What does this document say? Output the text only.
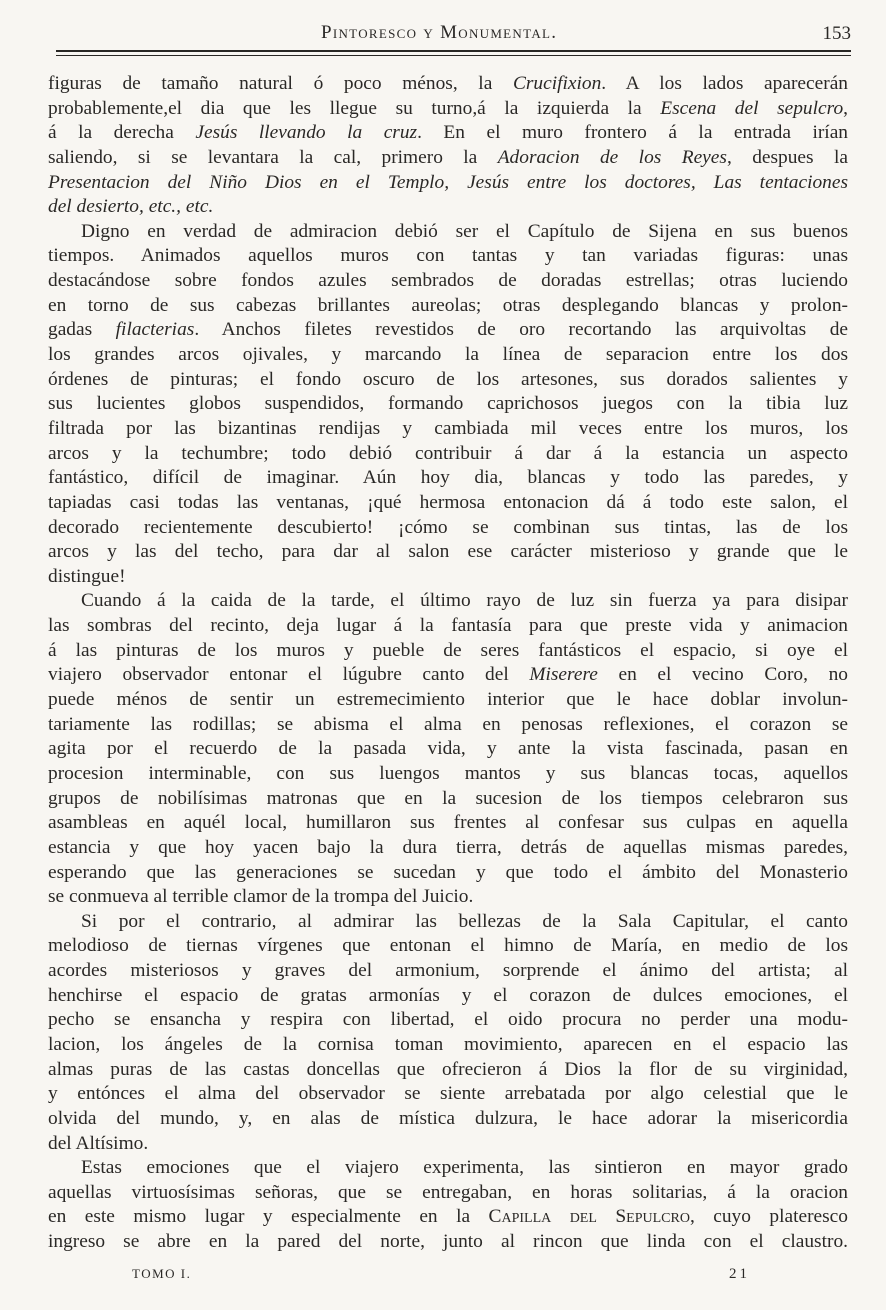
Pintoresco y Monumental.	153
figuras de tamaño natural ó poco ménos, la Crucifixion. A los lados aparecerán
probablemente,el dia que les llegue su turno,á la izquierda la Escena del sepulcro,
á la derecha Jesús llevando la cruz. En el muro frontero á la entrada irían
saliendo, si se levantara la cal, primero la Adoracion de los Reyes, despues la
Presentacion del Niño Dios en el Templo, Jesús entre los doctores, Las tentaciones
del desierto, etc., etc.
Digno en verdad de admiracion debió ser el Capítulo de Sijena en sus buenos
tiempos. Animados aquellos muros con tantas y tan variadas figuras: unas
destacándose sobre fondos azules sembrados de doradas estrellas; otras luciendo
en torno de sus cabezas brillantes aureolas; otras desplegando blancas y prolon-
gadas filacterias. Anchos filetes revestidos de oro recortando las arquivoltas de
los grandes arcos ojivales, y marcando la línea de separacion entre los dos
órdenes de pinturas; el fondo oscuro de los artesones, sus dorados salientes y
sus lucientes globos suspendidos, formando caprichosos juegos con la tibia luz
filtrada por las bizantinas rendijas y cambiada mil veces entre los muros, los
arcos y la techumbre; todo debió contribuir á dar á la estancia un aspecto
fantástico, difícil de imaginar. Aún hoy dia, blancas y todo las paredes, y
tapiadas casi todas las ventanas, ¡qué hermosa entonacion dá á todo este salon, el
decorado recientemente descubierto! ¡cómo se combinan sus tintas, las de los
arcos y las del techo, para dar al salon ese carácter misterioso y grande que le
distingue!
Cuando á la caida de la tarde, el último rayo de luz sin fuerza ya para disipar
las sombras del recinto, deja lugar á la fantasía para que preste vida y animacion
á las pinturas de los muros y pueble de seres fantásticos el espacio, si oye el
viajero observador entonar el lúgubre canto del Miserere en el vecino Coro, no
puede ménos de sentir un estremecimiento interior que le hace doblar involun-
tariamente las rodillas; se abisma el alma en penosas reflexiones, el corazon se
agita por el recuerdo de la pasada vida, y ante la vista fascinada, pasan en
procesion interminable, con sus luengos mantos y sus blancas tocas, aquellos
grupos de nobilísimas matronas que en la sucesion de los tiempos celebraron sus
asambleas en aquél local, humillaron sus frentes al confesar sus culpas en aquella
estancia y que hoy yacen bajo la dura tierra, detrás de aquellas mismas paredes,
esperando que las generaciones se sucedan y que todo el ámbito del Monasterio
se conmueva al terrible clamor de la trompa del Juicio.
Si por el contrario, al admirar las bellezas de la Sala Capitular, el canto
melodioso de tiernas vírgenes que entonan el himno de María, en medio de los
acordes misteriosos y graves del armonium, sorprende el ánimo del artista; al
henchirse el espacio de gratas armonías y el corazon de dulces emociones, el
pecho se ensancha y respira con libertad, el oido procura no perder una modu-
lacion, los ángeles de la cornisa toman movimiento, aparecen en el espacio las
almas puras de las castas doncellas que ofrecieron á Dios la flor de su virginidad,
y entónces el alma del observador se siente arrebatada por algo celestial que le
olvida del mundo, y, en alas de mística dulzura, le hace adorar la misericordia
del Altísimo.
Estas emociones que el viajero experimenta, las sintieron en mayor grado
aquellas virtuosísimas señoras, que se entregaban, en horas solitarias, á la oracion
en este mismo lugar y especialmente en la Capilla del Sepulcro, cuyo plateresco
ingreso se abre en la pared del norte, junto al rincon que linda con el claustro.
TOMO I.	21
